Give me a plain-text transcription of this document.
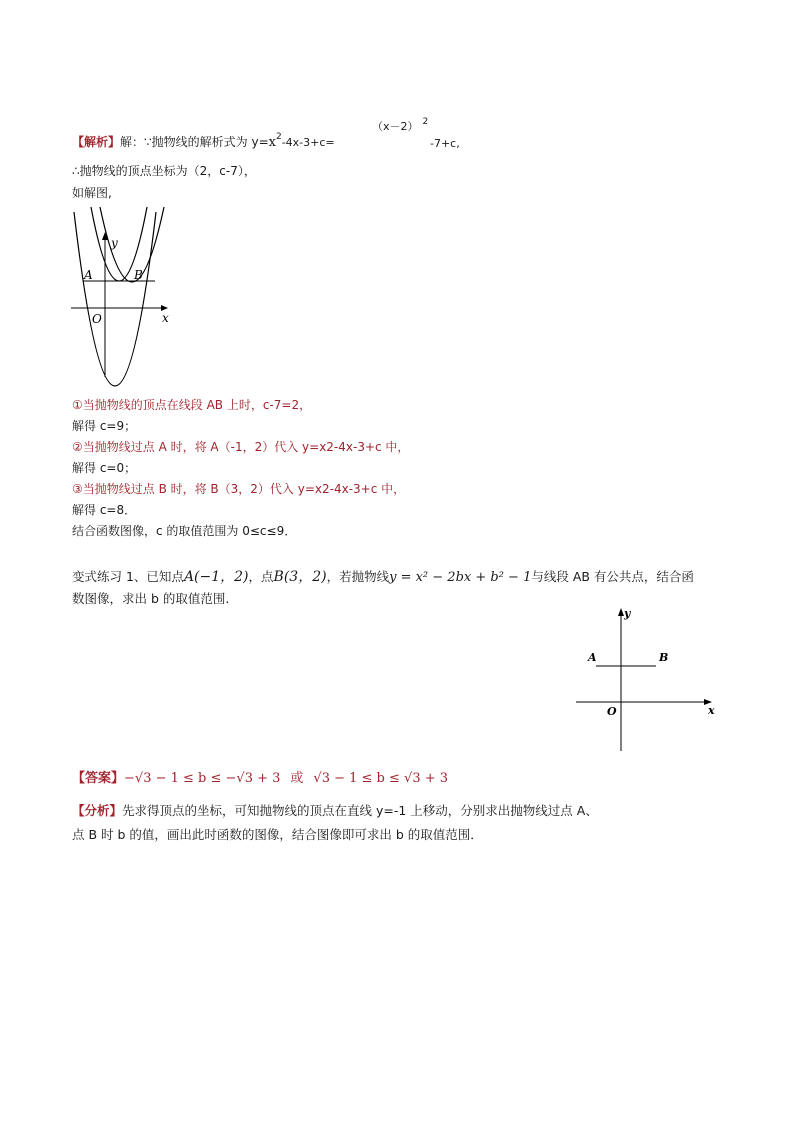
【解析】解：∵抛物线的解析式为 $y=x^2-4x-3+c=$
（x－2） $^2$
-7+c,
∴抛物线的顶点坐标为（2，c-7），
如解图,
y
A	B
O	x
①当抛物线的顶点在线段 AB 上时，c-7=2，
解得 c=9；
②当抛物线过点 A 时，将 A（-1，2）代入 y=x2-4x-3+c 中，
解得 c=0；
③当抛物线过点 B 时，将 B（3，2）代入 y=x2-4x-3+c 中，
解得 c=8．
结合函数图像，c 的取值范围为 0≤c≤9．
变式练习 1、已知点A(−1，2)，点B(3，2)，若抛物线y = x² − 2bx + b² − 1与线段 AB 有公共点，结合函
数图像，求出 b 的取值范围.
y
A	B
O	x
【答案】−√3 − 1 ≤ b ≤ −√3 + 3 或 √3 − 1 ≤ b ≤ √3 + 3
【分析】先求得顶点的坐标，可知抛物线的顶点在直线 y=-1 上移动，分别求出抛物线过点 A、
点 B 时 b 的值，画出此时函数的图像，结合图像即可求出 b 的取值范围．
